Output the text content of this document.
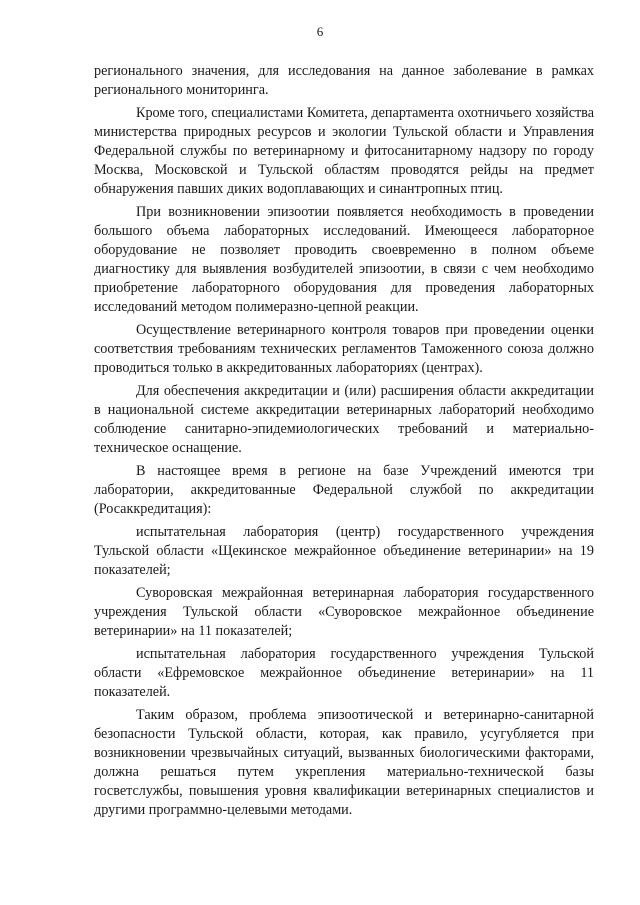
6

регионального значения, для исследования на данное заболевание в рамках регионального мониторинга.

Кроме того, специалистами Комитета, департамента охотничьего хозяйства министерства природных ресурсов и экологии Тульской области и Управления Федеральной службы по ветеринарному и фитосанитарному надзору по городу Москва, Московской и Тульской областям проводятся рейды на предмет обнаружения павших диких водоплавающих и синантропных птиц.

При возникновении эпизоотии появляется необходимость в проведении большого объема лабораторных исследований. Имеющееся лабораторное оборудование не позволяет проводить своевременно в полном объеме диагностику для выявления возбудителей эпизоотии, в связи с чем необходимо приобретение лабораторного оборудования для проведения лабораторных исследований методом полимеразно-цепной реакции.

Осуществление ветеринарного контроля товаров при проведении оценки соответствия требованиям технических регламентов Таможенного союза должно проводиться только в аккредитованных лабораториях (центрах).

Для обеспечения аккредитации и (или) расширения области аккредитации в национальной системе аккредитации ветеринарных лабораторий необходимо соблюдение санитарно-эпидемиологических требований и материально-техническое оснащение.

В настоящее время в регионе на базе Учреждений имеются три лаборатории, аккредитованные Федеральной службой по аккредитации (Росаккредитация):

испытательная лаборатория (центр) государственного учреждения Тульской области «Щекинское межрайонное объединение ветеринарии» на 19 показателей;

Суворовская межрайонная ветеринарная лаборатория государственного учреждения Тульской области «Суворовское межрайонное объединение ветеринарии» на 11 показателей;

испытательная лаборатория государственного учреждения Тульской области «Ефремовское межрайонное объединение ветеринарии» на 11 показателей.

Таким образом, проблема эпизоотической и ветеринарно-санитарной безопасности Тульской области, которая, как правило, усугубляется при возникновении чрезвычайных ситуаций, вызванных биологическими факторами, должна решаться путем укрепления материально-технической базы госветслужбы, повышения уровня квалификации ветеринарных специалистов и другими программно-целевыми методами.
